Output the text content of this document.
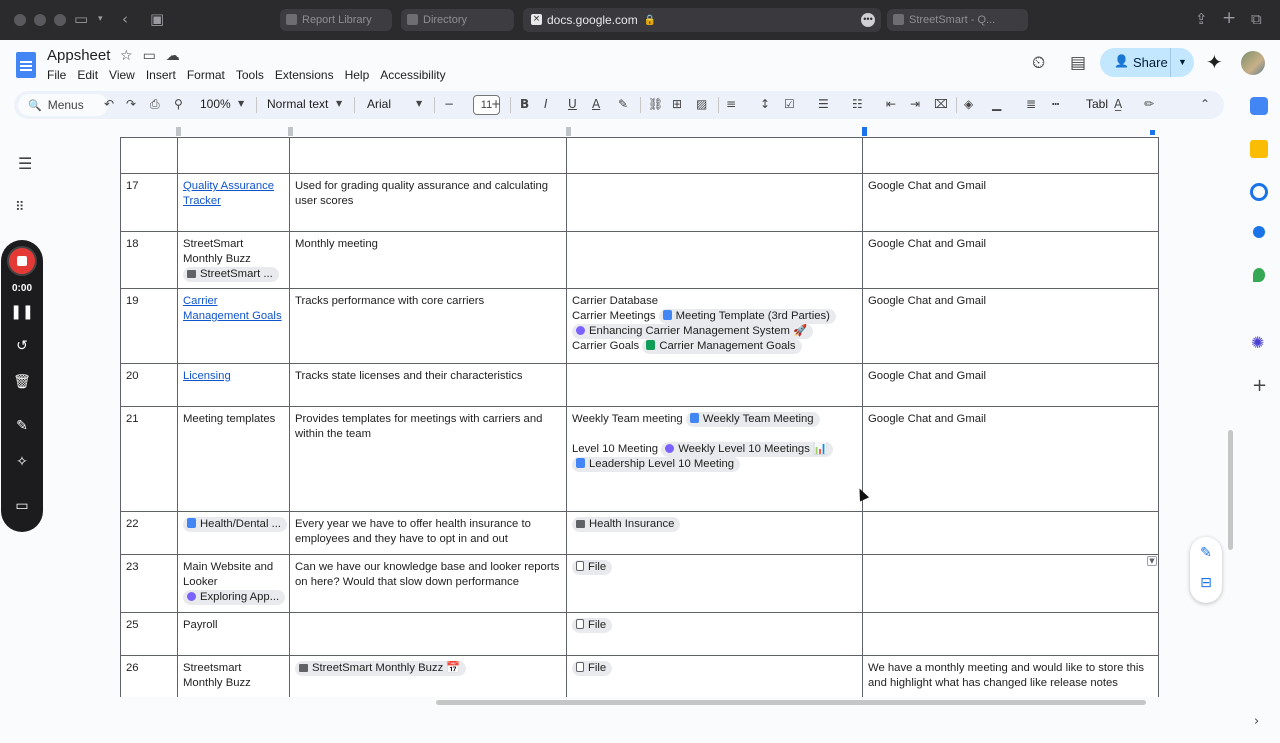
▭ ▾ ‹ ▣	Report Library	Directory	× docs.google.com 🔒	•••	StreetSmart - Q...	⇪ + ⧉
Appsheet ☆ ▭ ☁
File Edit View Insert Format Tools Extensions Help Accessibility
⏲ ▤ 👤 Share	▼ ✦
🔍 Menus ↶ ↷ ⎙ ⚲ 100% ▼ Normal text ▼ Arial	▼ −	11
+ B I U A ✎ ⛓ ⊞ ▨ ≡ ↕ ☑ ☰ ☷ ⇤ ⇥ ⌧ ◈ ▁ ≣ ┅ Tabl A̲ ✏	⌃
☰
⠿
0:00
❚❚
↺
🗑
✎
✧
▭

17	Quality Assurance Tracker	Used for grading quality assurance and calculating user scores		Google Chat and Gmail
18	StreetSmart Monthly Buzz
StreetSmart ...	Monthly meeting		Google Chat and Gmail
19	Carrier Management Goals	Tracks performance with core carriers	Carrier Database
Carrier Meetings Meeting Template (3rd Parties)
Enhancing Carrier Management System 🚀
Carrier Goals Carrier Management Goals	Google Chat and Gmail
20	Licensing	Tracks state licenses and their characteristics		Google Chat and Gmail
21	Meeting templates	Provides templates for meetings with carriers and within the team	Weekly Team meeting Weekly Team Meeting
Level 10 Meeting Weekly Level 10 Meetings 📊
Leadership Level 10 Meeting	Google Chat and Gmail
22	Health/Dental ...	Every year we have to offer health insurance to employees and they have to opt in and out	Health Insurance	

23	Main Website and Looker
Exploring App...	Can we have our knowledge base and looker reports on here? Would that slow down performance	File	

25	Payroll		File	

26	Streetsmart Monthly Buzz	StreetSmart Monthly Buzz 📅	File	We have a monthly meeting and would like to store this and highlight what has changed like release notes
✺
+
›
✎
⊟
▼
